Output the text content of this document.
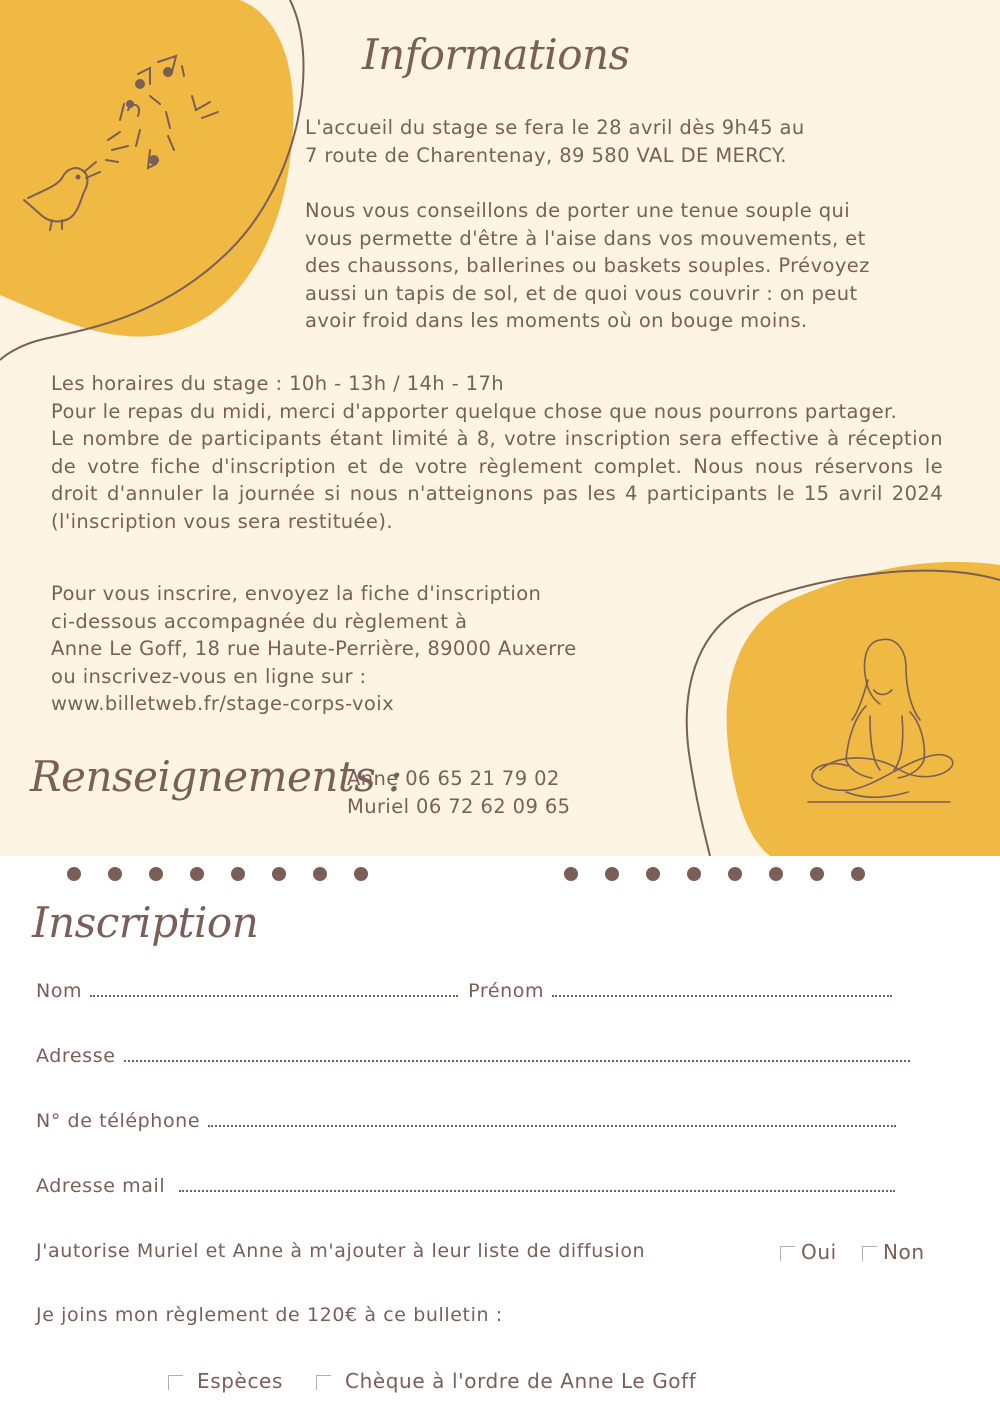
Informations
L'accueil du stage se fera le 28 avril dès 9h45 au
7 route de Charentenay, 89 580 VAL DE MERCY.
Nous vous conseillons de porter une tenue souple qui
vous permette d'être à l'aise dans vos mouvements, et
des chaussons, ballerines ou baskets souples. Prévoyez
aussi un tapis de sol, et de quoi vous couvrir : on peut
avoir froid dans les moments où on bouge moins.
Les horaires du stage : 10h - 13h / 14h - 17h
Pour le repas du midi, merci d'apporter quelque chose que nous pourrons partager.
Le nombre de participants étant limité à 8, votre inscription sera effective à réception de votre fiche d'inscription et de votre règlement complet. Nous nous réservons le droit d'annuler la journée si nous n'atteignons pas les 4 participants le 15 avril 2024 (l'inscription vous sera restituée).
Pour vous inscrire, envoyez la fiche d'inscription
ci-dessous accompagnée du règlement à
Anne Le Goff, 18 rue Haute-Perrière, 89000 Auxerre
ou inscrivez-vous en ligne sur :
www.billetweb.fr/stage-corps-voix
Renseignements :
Anne 06 65 21 79 02
Muriel 06 72 62 09 65
Inscription
Nom	Prénom
Adresse
N° de téléphone
Adresse mail
J'autorise Muriel et Anne à m'ajouter à leur liste de diffusion	Oui	Non
Je joins mon règlement de 120€ à ce bulletin :
Espèces	Chèque à l'ordre de Anne Le Goff
